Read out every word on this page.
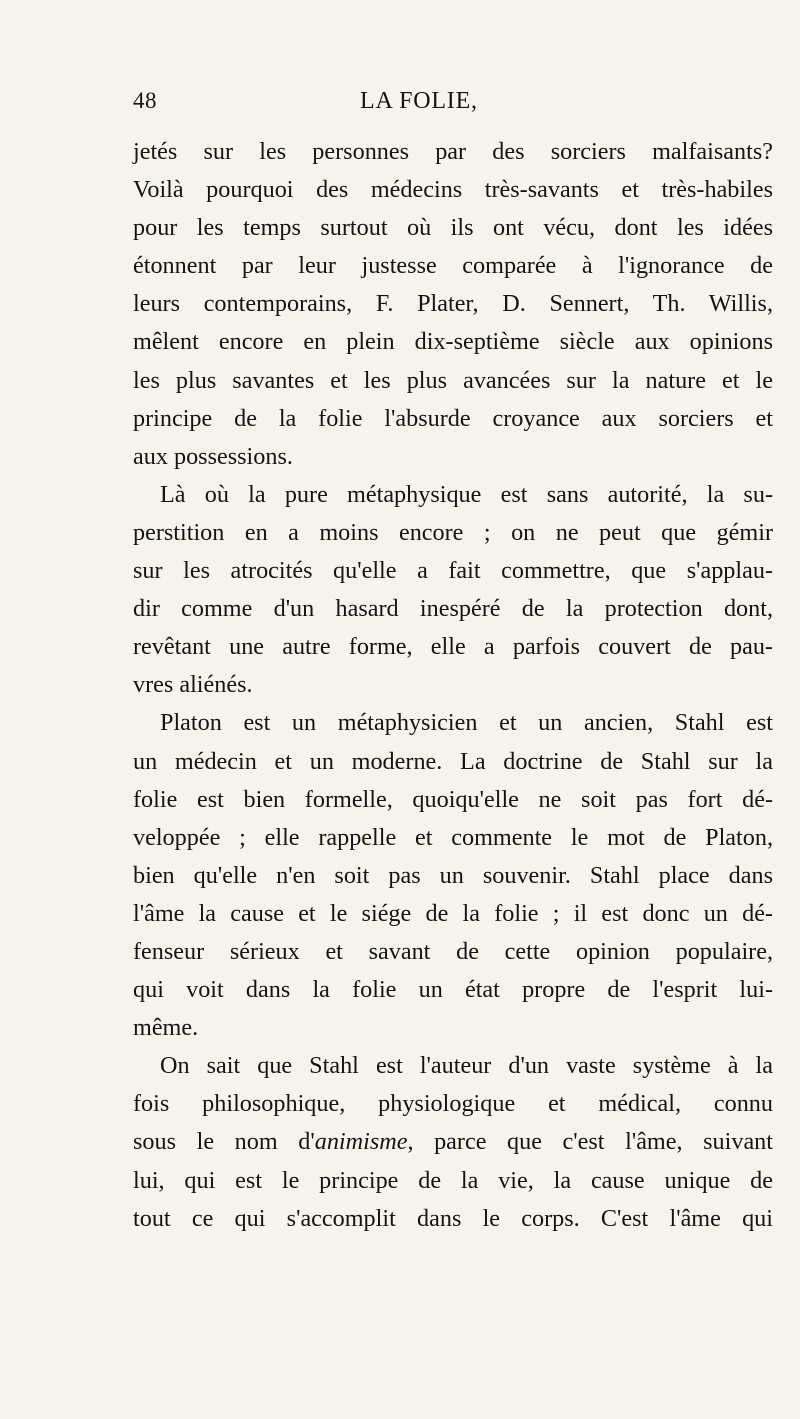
48	LA FOLIE,
jetés sur les personnes par des sorciers malfaisants?
Voilà pourquoi des médecins très-savants et très-habiles
pour les temps surtout où ils ont vécu, dont les idées
étonnent par leur justesse comparée à l'ignorance de
leurs contemporains, F. Plater, D. Sennert, Th. Willis,
mêlent encore en plein dix-septième siècle aux opinions
les plus savantes et les plus avancées sur la nature et le
principe de la folie l'absurde croyance aux sorciers et
aux possessions.
Là où la pure métaphysique est sans autorité, la su-
perstition en a moins encore ; on ne peut que gémir
sur les atrocités qu'elle a fait commettre, que s'applau-
dir comme d'un hasard inespéré de la protection dont,
revêtant une autre forme, elle a parfois couvert de pau-
vres aliénés.
Platon est un métaphysicien et un ancien, Stahl est
un médecin et un moderne. La doctrine de Stahl sur la
folie est bien formelle, quoiqu'elle ne soit pas fort dé-
veloppée ; elle rappelle et commente le mot de Platon,
bien qu'elle n'en soit pas un souvenir. Stahl place dans
l'âme la cause et le siége de la folie ; il est donc un dé-
fenseur sérieux et savant de cette opinion populaire,
qui voit dans la folie un état propre de l'esprit lui-
même.
On sait que Stahl est l'auteur d'un vaste système à la
fois philosophique, physiologique et médical, connu
sous le nom d'animisme, parce que c'est l'âme, suivant
lui, qui est le principe de la vie, la cause unique de
tout ce qui s'accomplit dans le corps. C'est l'âme qui
